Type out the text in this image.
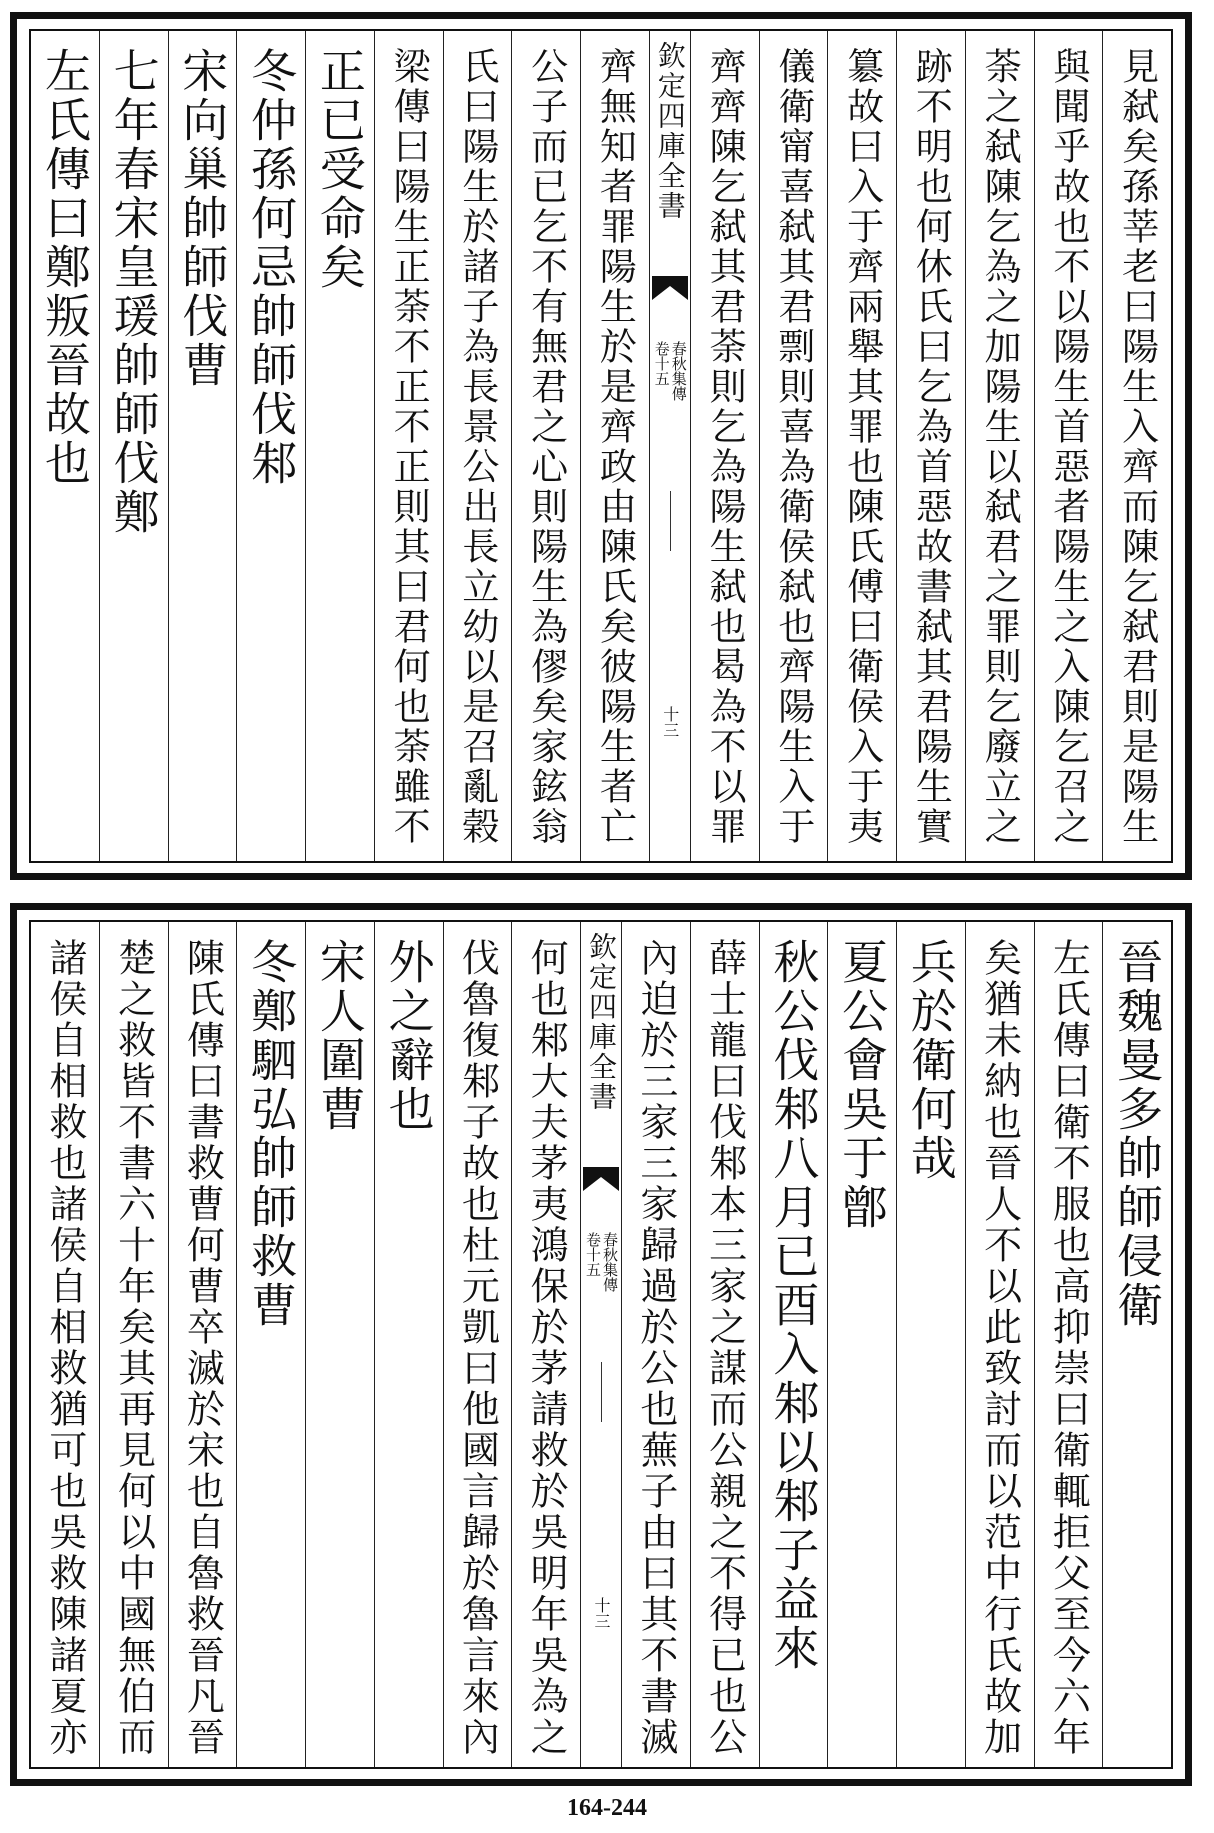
見弑矣孫莘老曰陽生入齊而陳乞弑君則是陽生
與聞乎故也不以陽生首惡者陽生之入陳乞召之
荼之弑陳乞為之加陽生以弑君之罪則乞廢立之
跡不明也何休氏曰乞為首惡故書弑其君陽生實
簒故曰入于齊兩舉其罪也陳氏傅曰衛侯入于夷
儀衛甯喜弑其君剽則喜為衛侯弑也齊陽生入于
齊齊陳乞弑其君荼則乞為陽生弑也曷為不以罪
欽定四庫全書
春秋集傳
卷十五
十三
齊無知者罪陽生於是齊政由陳氏矣彼陽生者亡
公子而已乞不有無君之心則陽生為僇矣家鉉翁
氏曰陽生於諸子為長景公出長立幼以是召亂榖
梁傳曰陽生正荼不正不正則其曰君何也荼雖不
正已受命矣
冬仲孫何忌帥師伐邾
宋向巢帥師伐曹
七年春宋皇瑗帥師伐鄭
左氏傳曰鄭叛晉故也
晉魏曼多帥師侵衛
左氏傳曰衛不服也高抑崇曰衛輒拒父至今六年
矣猶未納也晉人不以此致討而以范中行氏故加
兵於衛何哉
夏公會吳于鄫
秋公伐邾八月已酉入邾以邾子益來
薛士龍曰伐邾本三家之謀而公親之不得已也公
內迫於三家三家歸過於公也蕪子由曰其不書滅
欽定四庫全書
春秋集傳
卷十五
十三
何也邾大夫茅夷鴻保於茅請救於吳明年吳為之
伐魯復邾子故也杜元凱曰他國言歸於魯言來內
外之辭也
宋人圍曹
冬鄭駟弘帥師救曹
陳氏傳曰書救曹何曹卒滅於宋也自魯救晉凡晉
楚之救皆不書六十年矣其再見何以中國無伯而
諸侯自相救也諸侯自相救猶可也吳救陳諸夏亦
164-244
